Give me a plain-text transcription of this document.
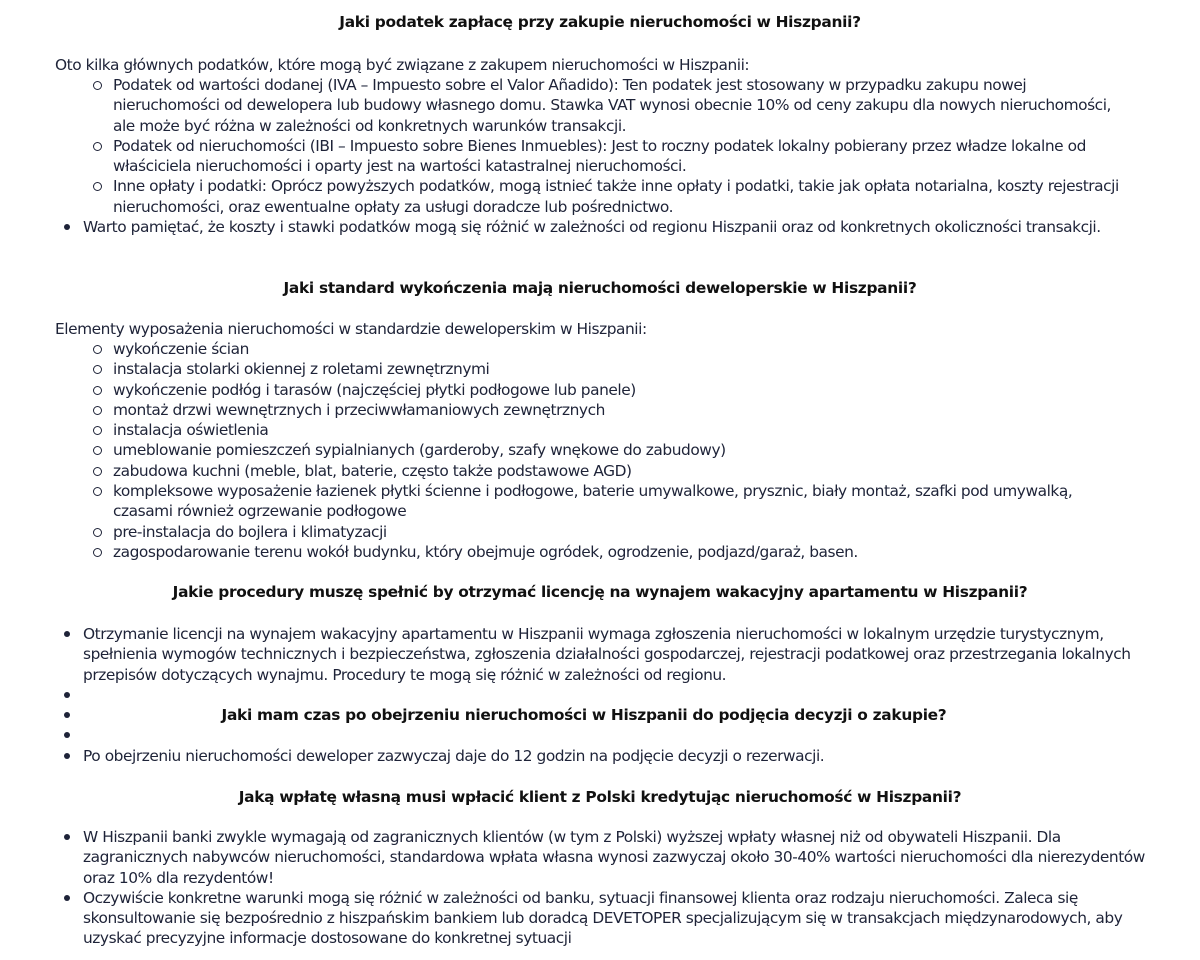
Jaki podatek zapłacę przy zakupie nieruchomości w Hiszpanii?

Oto kilka głównych podatków, które mogą być związane z zakupem nieruchomości w Hiszpanii:

Podatek od wartości dodanej (IVA – Impuesto sobre el Valor Añadido): Ten podatek jest stosowany w przypadku zakupu nowej nieruchomości od dewelopera lub budowy własnego domu. Stawka VAT wynosi obecnie 10% od ceny zakupu dla nowych nieruchomości, ale może być różna w zależności od konkretnych warunków transakcji.
Podatek od nieruchomości (IBI – Impuesto sobre Bienes Inmuebles): Jest to roczny podatek lokalny pobierany przez władze lokalne od właściciela nieruchomości i oparty jest na wartości katastralnej nieruchomości.
Inne opłaty i podatki: Oprócz powyższych podatków, mogą istnieć także inne opłaty i podatki, takie jak opłata notarialna, koszty rejestracji nieruchomości, oraz ewentualne opłaty za usługi doradcze lub pośrednictwo.
Warto pamiętać, że koszty i stawki podatków mogą się różnić w zależności od regionu Hiszpanii oraz od konkretnych okoliczności transakcji.
Jaki standard wykończenia mają nieruchomości deweloperskie w Hiszpanii?

Elementy wyposażenia nieruchomości w standardzie deweloperskim w Hiszpanii:

wykończenie ścian
instalacja stolarki okiennej z roletami zewnętrznymi
wykończenie podłóg i tarasów (najczęściej płytki podłogowe lub panele)
montaż drzwi wewnętrznych i przeciwwłamaniowych zewnętrznych
instalacja oświetlenia
umeblowanie pomieszczeń sypialnianych (garderoby, szafy wnękowe do zabudowy)
zabudowa kuchni (meble, blat, baterie, często także podstawowe AGD)
kompleksowe wyposażenie łazienek płytki ścienne i podłogowe, baterie umywalkowe, prysznic, biały montaż, szafki pod umywalką, czasami również ogrzewanie podłogowe
pre-instalacja do bojlera i klimatyzacji
zagospodarowanie terenu wokół budynku, który obejmuje ogródek, ogrodzenie, podjazd/garaż, basen.
Jakie procedury muszę spełnić by otrzymać licencję na wynajem wakacyjny apartamentu w Hiszpanii?
Otrzymanie licencji na wynajem wakacyjny apartamentu w Hiszpanii wymaga zgłoszenia nieruchomości w lokalnym urzędzie turystycznym, spełnienia wymogów technicznych i bezpieczeństwa, zgłoszenia działalności gospodarczej, rejestracji podatkowej oraz przestrzegania lokalnych przepisów dotyczących wynajmu. Procedury te mogą się różnić w zależności od regionu.

Jaki mam czas po obejrzeniu nieruchomości w Hiszpanii do podjęcia decyzji o zakupie?

Po obejrzeniu nieruchomości deweloper zazwyczaj daje do 12 godzin na podjęcie decyzji o rezerwacji.
Jaką wpłatę własną musi wpłacić klient z Polski kredytując nieruchomość w Hiszpanii?
W Hiszpanii banki zwykle wymagają od zagranicznych klientów (w tym z Polski) wyższej wpłaty własnej niż od obywateli Hiszpanii. Dla zagranicznych nabywców nieruchomości, standardowa wpłata własna wynosi zazwyczaj około 30-40% wartości nieruchomości dla nierezydentów oraz 10% dla rezydentów!
Oczywiście konkretne warunki mogą się różnić w zależności od banku, sytuacji finansowej klienta oraz rodzaju nieruchomości. Zaleca się skonsultowanie się bezpośrednio z hiszpańskim bankiem lub doradcą DEVETOPER specjalizującym się w transakcjach międzynarodowych, aby uzyskać precyzyjne informacje dostosowane do konkretnej sytuacji
